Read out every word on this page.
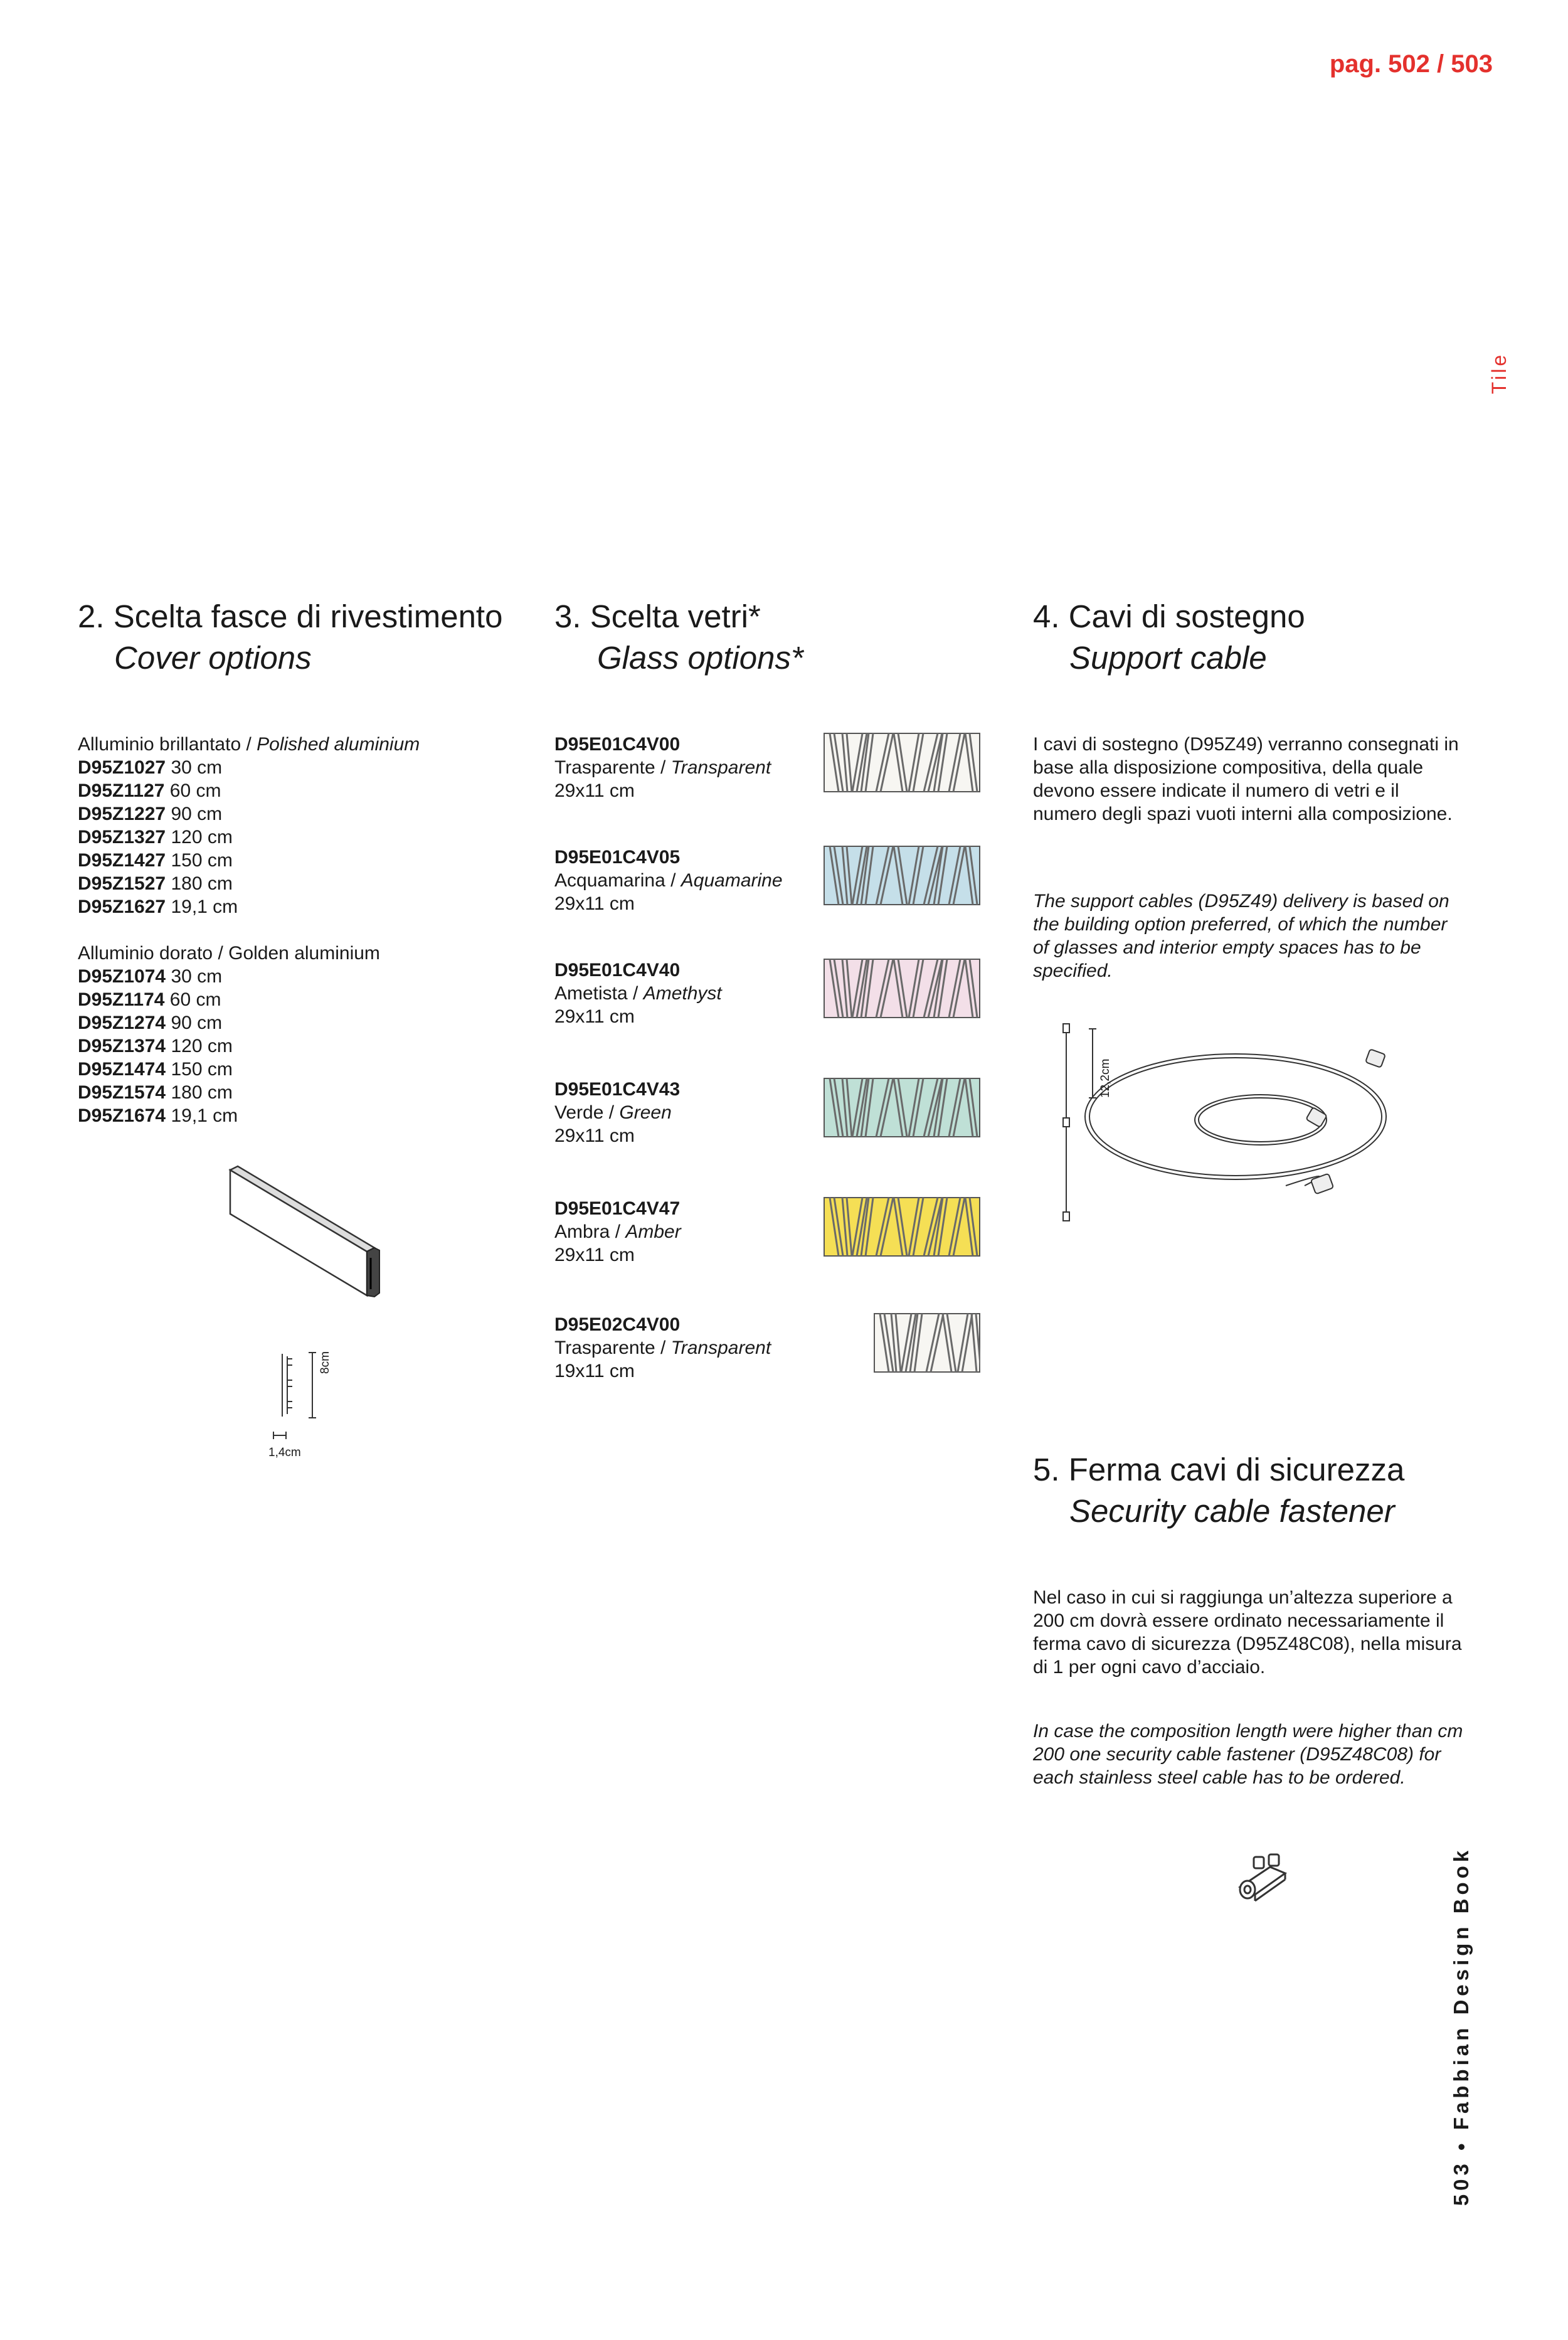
pag. 502 / 503
Tile
503 • Fabbian Design Book
2. Scelta fasce di rivestimento
Cover options
Alluminio brillantato / Polished aluminium
D95Z1027 30 cm
D95Z1127 60 cm
D95Z1227 90 cm
D95Z1327 120 cm
D95Z1427 150 cm
D95Z1527 180 cm
D95Z1627 19,1 cm
Alluminio dorato / Golden aluminium
D95Z1074 30 cm
D95Z1174 60 cm
D95Z1274 90 cm
D95Z1374 120 cm
D95Z1474 150 cm
D95Z1574 180 cm
D95Z1674 19,1 cm
8cm
1,4cm
3. Scelta vetri*
Glass options*
D95E01C4V00
Trasparente / Transparent
29x11 cm
D95E01C4V05
Acquamarina / Aquamarine
29x11 cm
D95E01C4V40
Ametista / Amethyst
29x11 cm
D95E01C4V43
Verde / Green
29x11 cm
D95E01C4V47
Ambra / Amber
29x11 cm
D95E02C4V00
Trasparente / Transparent
19x11 cm
4. Cavi di sostegno
Support cable
I cavi di sostegno (D95Z49) verranno consegnati in base alla disposizione compositiva, della quale devono essere indicate il numero di vetri e il numero degli spazi vuoti interni alla composizione.
The support cables (D95Z49) delivery is based on the building option preferred, of which the number of glasses and interior empty spaces has to be specified.
12,2cm
5. Ferma cavi di sicurezza
Security cable fastener
Nel caso in cui si raggiunga un’altezza superiore a 200 cm dovrà essere ordinato necessariamente il ferma cavo di sicurezza (D95Z48C08), nella misura di 1 per ogni cavo d’acciaio.
In case the composition length were higher than cm 200 one security cable fastener (D95Z48C08) for each stainless steel cable has to be ordered.
